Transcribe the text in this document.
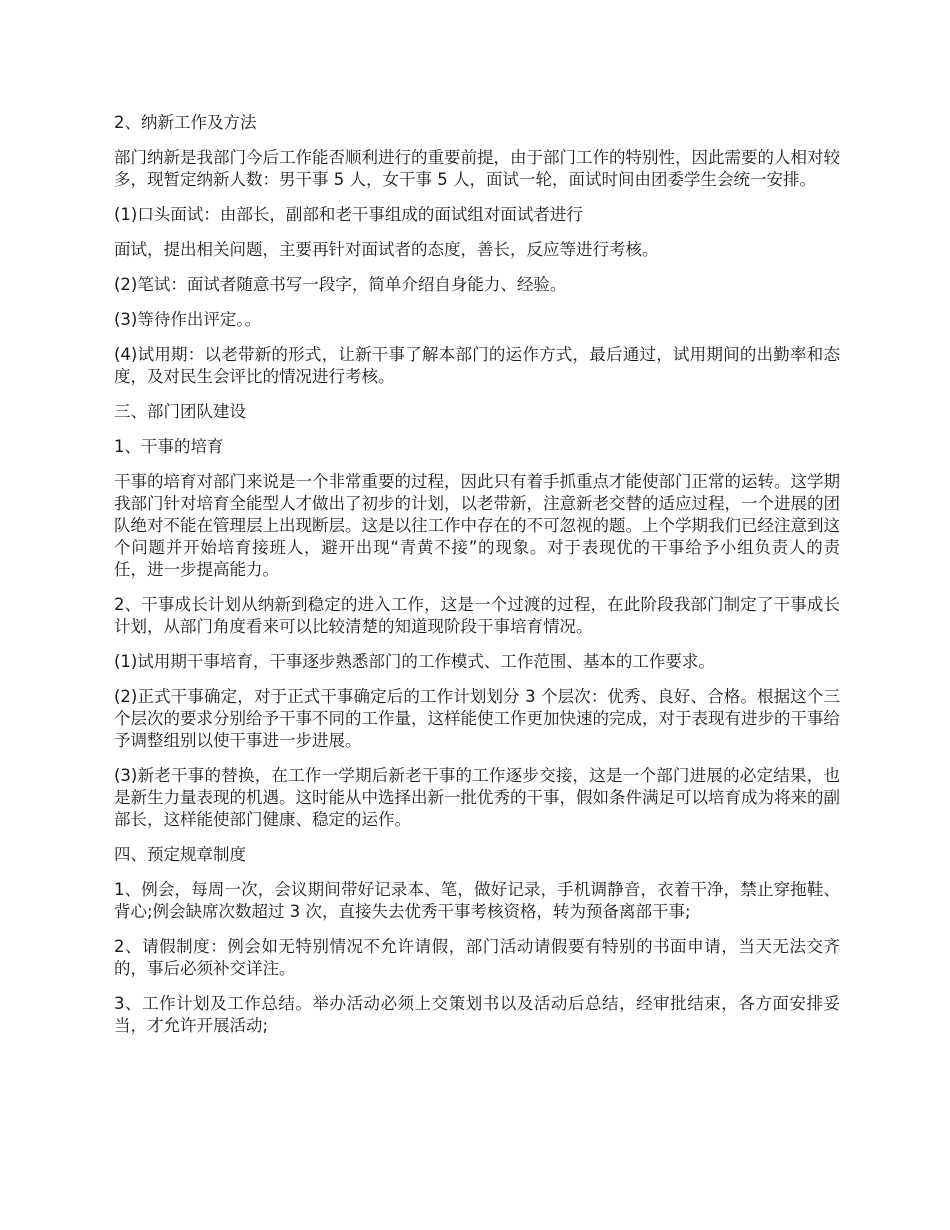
2、纳新工作及方法

部门纳新是我部门今后工作能否顺利进行的重要前提，由于部门工作的特别性，因此需要的人相对较多，现暂定纳新人数：男干事 5 人，女干事 5 人，面试一轮，面试时间由团委学生会统一安排。

(1)口头面试：由部长，副部和老干事组成的面试组对面试者进行

面试，提出相关问题，主要再针对面试者的态度，善长，反应等进行考核。

(2)笔试：面试者随意书写一段字，简单介绍自身能力、经验。

(3)等待作出评定。。

(4)试用期：以老带新的形式，让新干事了解本部门的运作方式，最后通过，试用期间的出勤率和态度，及对民生会评比的情况进行考核。

三、部门团队建设

1、干事的培育

干事的培育对部门来说是一个非常重要的过程，因此只有着手抓重点才能使部门正常的运转。这学期我部门针对培育全能型人才做出了初步的计划，以老带新，注意新老交替的适应过程，一个进展的团队绝对不能在管理层上出现断层。这是以往工作中存在的不可忽视的题。上个学期我们已经注意到这个问题并开始培育接班人，避开出现“青黄不接”的现象。对于表现优的干事给予小组负责人的责任，进一步提高能力。

2、干事成长计划从纳新到稳定的进入工作，这是一个过渡的过程，在此阶段我部门制定了干事成长计划，从部门角度看来可以比较清楚的知道现阶段干事培育情况。

(1)试用期干事培育，干事逐步熟悉部门的工作模式、工作范围、基本的工作要求。

(2)正式干事确定，对于正式干事确定后的工作计划划分 3 个层次：优秀、良好、合格。根据这个三个层次的要求分别给予干事不同的工作量，这样能使工作更加快速的完成，对于表现有进步的干事给予调整组别以使干事进一步进展。

(3)新老干事的替换，在工作一学期后新老干事的工作逐步交接，这是一个部门进展的必定结果，也是新生力量表现的机遇。这时能从中选择出新一批优秀的干事，假如条件满足可以培育成为将来的副部长，这样能使部门健康、稳定的运作。

四、预定规章制度

1、例会，每周一次，会议期间带好记录本、笔，做好记录，手机调静音，衣着干净，禁止穿拖鞋、背心;例会缺席次数超过 3 次，直接失去优秀干事考核资格，转为预备离部干事;

2、请假制度：例会如无特别情况不允许请假，部门活动请假要有特别的书面申请，当天无法交齐的，事后必须补交详注。

3、工作计划及工作总结。举办活动必须上交策划书以及活动后总结，经审批结束，各方面安排妥当，才允许开展活动;
